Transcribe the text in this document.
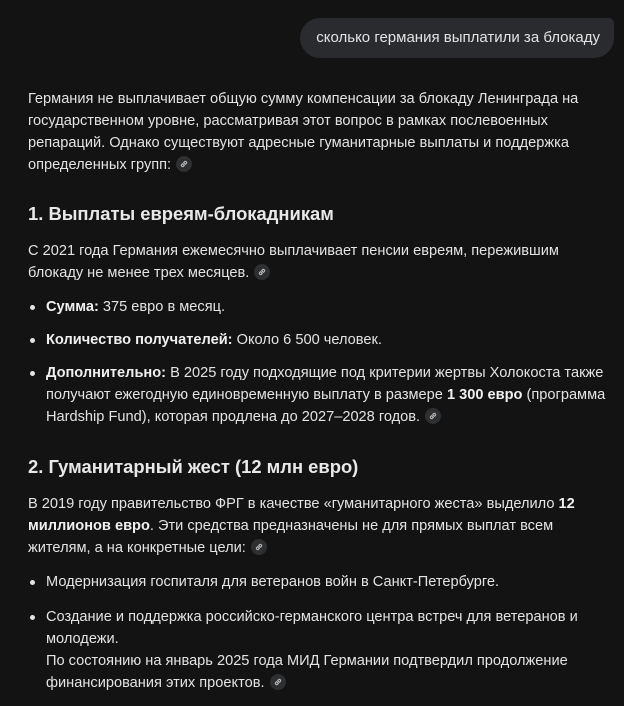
сколько германия выплатили за блокаду

Германия не выплачивает общую сумму компенсации за блокаду Ленинграда на государственном уровне, рассматривая этот вопрос в рамках послевоенных репараций. Однако существуют адресные гуманитарные выплаты и поддержка определенных групп:

1. Выплаты евреям-блокадникам

С 2021 года Германия ежемесячно выплачивает пенсии евреям, пережившим блокаду не менее трех месяцев.

Сумма: 375 евро в месяц.
Количество получателей: Около 6 500 человек.
Дополнительно: В 2025 году подходящие под критерии жертвы Холокоста также получают ежегодную единовременную выплату в размере 1 300 евро (программа Hardship Fund), которая продлена до 2027–2028 годов.
2. Гуманитарный жест (12 млн евро)

В 2019 году правительство ФРГ в качестве «гуманитарного жеста» выделило 12 миллионов евро. Эти средства предназначены не для прямых выплат всем жителям, а на конкретные цели:

Модернизация госпиталя для ветеранов войн в Санкт-Петербурге.
Создание и поддержка российско-германского центра встреч для ветеранов и молодежи.
По состоянию на январь 2025 года МИД Германии подтвердил продолжение финансирования этих проектов.
